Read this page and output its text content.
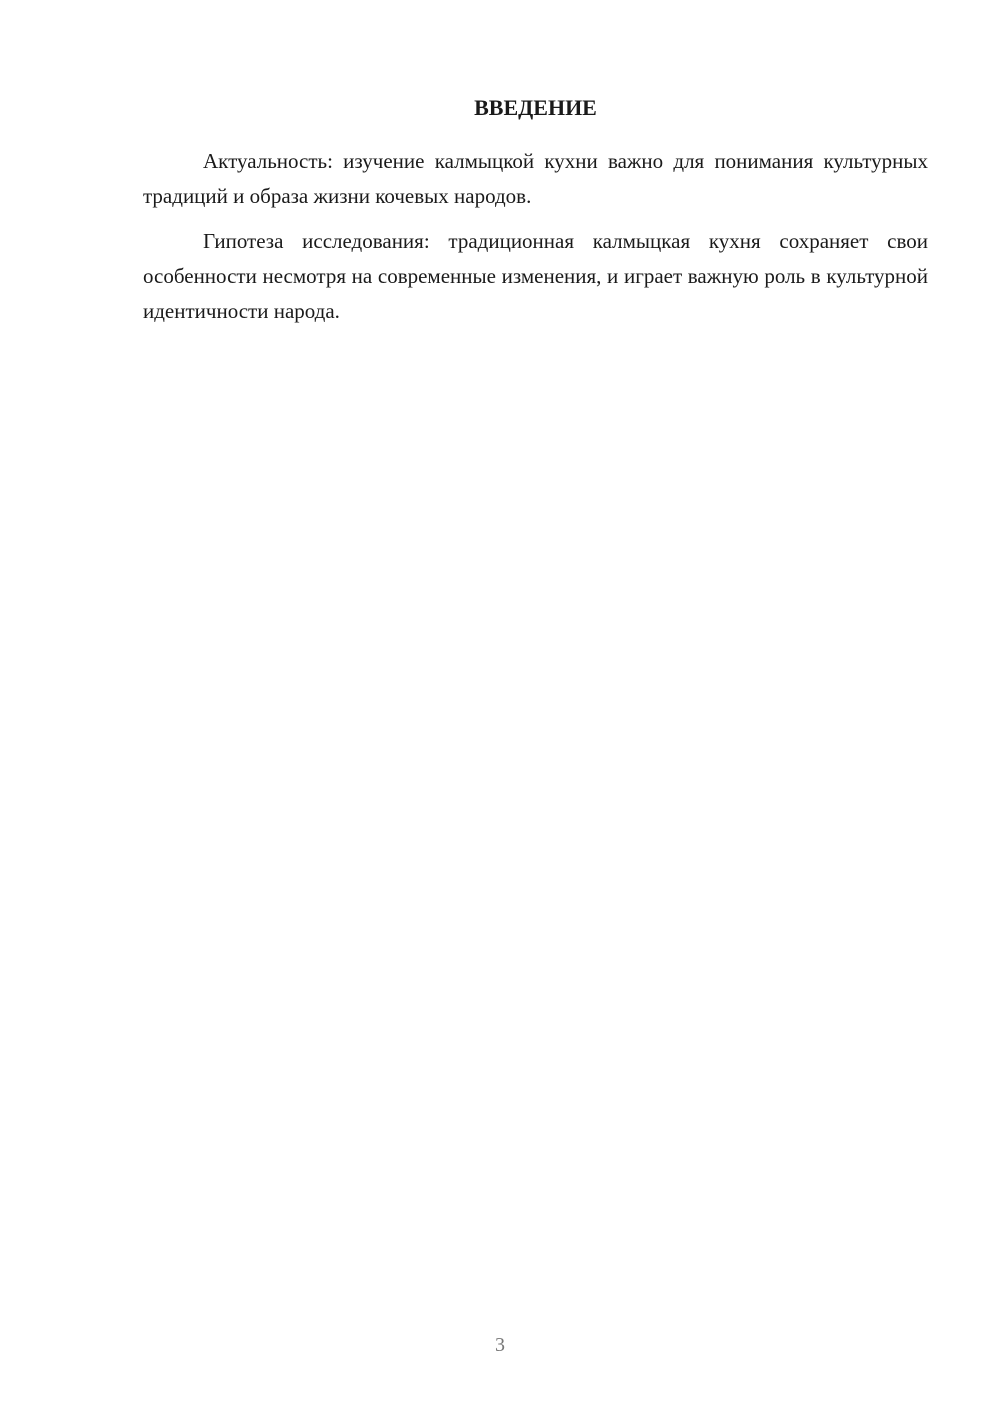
ВВЕДЕНИЕ

Актуальность: изучение калмыцкой кухни важно для понимания культурных традиций и образа жизни кочевых народов.

Гипотеза исследования: традиционная калмыцкая кухня сохраняет свои особенности несмотря на современные изменения, и играет важную роль в культурной идентичности народа.

3
